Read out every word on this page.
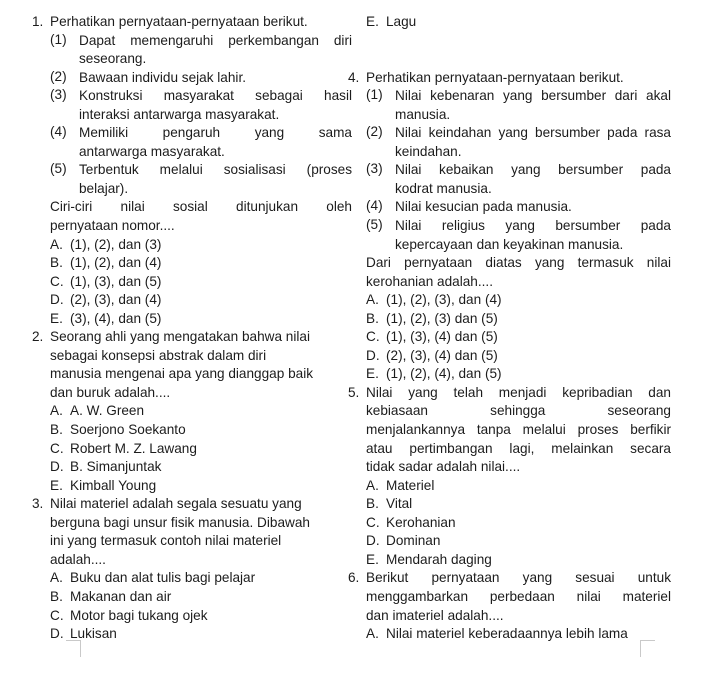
1. Perhatikan pernyataan-pernyataan berikut.
(1) Dapat memengaruhi perkembangan diri
seseorang.
(2) Bawaan individu sejak lahir.
(3) Konstruksi masyarakat sebagai hasil
interaksi antarwarga masyarakat.
(4) Memiliki pengaruh yang sama
antarwarga masyarakat.
(5) Terbentuk melalui sosialisasi (proses
belajar).
Ciri-ciri nilai sosial ditunjukan oleh
pernyataan nomor....
A. (1), (2), dan (3)
B. (1), (2), dan (4)
C. (1), (3), dan (5)
D. (2), (3), dan (4)
E. (3), (4), dan (5)
2. Seorang ahli yang mengatakan bahwa nilai
sebagai konsepsi abstrak dalam diri
manusia mengenai apa yang dianggap baik
dan buruk adalah....
A. A. W. Green
B. Soerjono Soekanto
C. Robert M. Z. Lawang
D. B. Simanjuntak
E. Kimball Young
3. Nilai materiel adalah segala sesuatu yang
berguna bagi unsur fisik manusia. Dibawah
ini yang termasuk contoh nilai materiel
adalah....
A. Buku dan alat tulis bagi pelajar
B. Makanan dan air
C. Motor bagi tukang ojek
D. Lukisan
E. Lagu
4. Perhatikan pernyataan-pernyataan berikut.
(1) Nilai kebenaran yang bersumber dari akal
manusia.
(2) Nilai keindahan yang bersumber pada rasa
keindahan.
(3) Nilai kebaikan yang bersumber pada
kodrat manusia.
(4) Nilai kesucian pada manusia.
(5) Nilai religius yang bersumber pada
kepercayaan dan keyakinan manusia.
Dari pernyataan diatas yang termasuk nilai
kerohanian adalah....
A. (1), (2), (3), dan (4)
B. (1), (2), (3) dan (5)
C. (1), (3), (4) dan (5)
D. (2), (3), (4) dan (5)
E. (1), (2), (4), dan (5)
5. Nilai yang telah menjadi kepribadian dan
kebiasaan sehingga seseorang
menjalankannya tanpa melalui proses berfikir
atau pertimbangan lagi, melainkan secara
tidak sadar adalah nilai....
A. Materiel
B. Vital
C. Kerohanian
D. Dominan
E. Mendarah daging
6. Berikut pernyataan yang sesuai untuk
menggambarkan perbedaan nilai materiel
dan imateriel adalah....
A. Nilai materiel keberadaannya lebih lama
